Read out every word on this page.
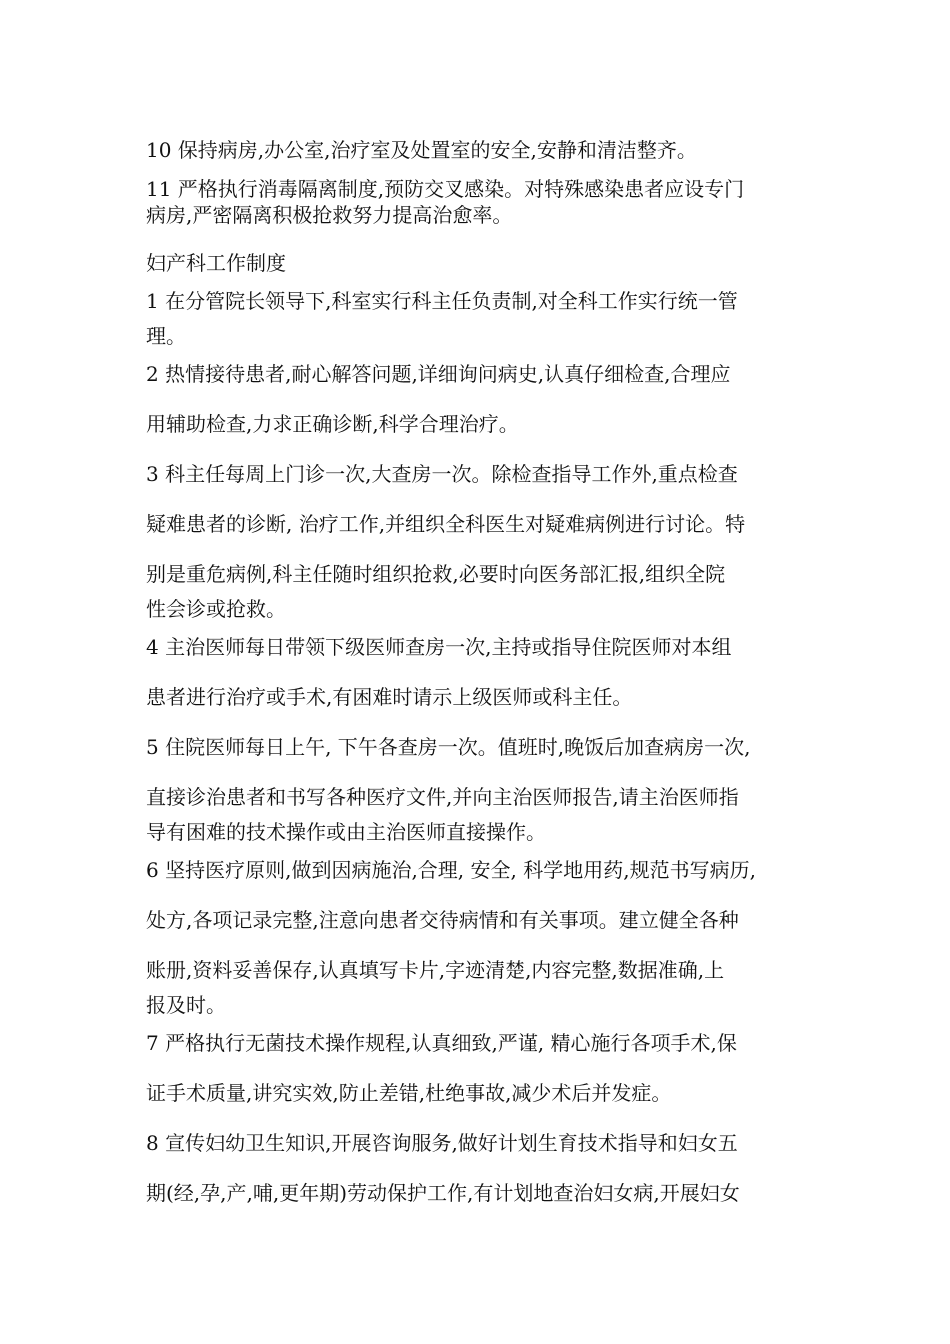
10 保持病房,办公室,治疗室及处置室的安全,安静和清洁整齐。
11 严格执行消毒隔离制度,预防交叉感染。对特殊感染患者应设专门
病房,严密隔离积极抢救努力提高治愈率。
妇产科工作制度
1 在分管院长领导下,科室实行科主任负责制,对全科工作实行统一管
理。
2 热情接待患者,耐心解答问题,详细询问病史,认真仔细检查,合理应
用辅助检查,力求正确诊断,科学合理治疗。
3 科主任每周上门诊一次,大查房一次。除检查指导工作外,重点检查
疑难患者的诊断, 治疗工作,并组织全科医生对疑难病例进行讨论。特
别是重危病例,科主任随时组织抢救,必要时向医务部汇报,组织全院
性会诊或抢救。
4 主治医师每日带领下级医师查房一次,主持或指导住院医师对本组
患者进行治疗或手术,有困难时请示上级医师或科主任。
5 住院医师每日上午, 下午各查房一次。值班时,晚饭后加查病房一次,
直接诊治患者和书写各种医疗文件,并向主治医师报告,请主治医师指
导有困难的技术操作或由主治医师直接操作。
6 坚持医疗原则,做到因病施治,合理, 安全, 科学地用药,规范书写病历,
处方,各项记录完整,注意向患者交待病情和有关事项。建立健全各种
账册,资料妥善保存,认真填写卡片,字迹清楚,内容完整,数据准确,上
报及时。
7 严格执行无菌技术操作规程,认真细致,严谨, 精心施行各项手术,保
证手术质量,讲究实效,防止差错,杜绝事故,减少术后并发症。
8 宣传妇幼卫生知识,开展咨询服务,做好计划生育技术指导和妇女五
期(经,孕,产,哺,更年期)劳动保护工作,有计划地查治妇女病,开展妇女
